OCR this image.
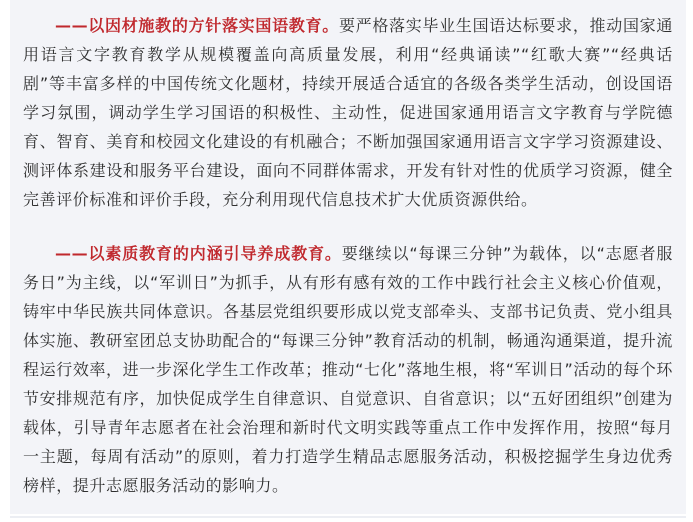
——以因材施教的方针落实国语教育。要严格落实毕业生国语达标要求，推动国家通用语言文字教育教学从规模覆盖向高质量发展，利用“经典诵读”“红歌大赛”“经典话剧”等丰富多样的中国传统文化题材，持续开展适合适宜的各级各类学生活动，创设国语学习氛围，调动学生学习国语的积极性、主动性，促进国家通用语言文字教育与学院德育、智育、美育和校园文化建设的有机融合；不断加强国家通用语言文字学习资源建设、测评体系建设和服务平台建设，面向不同群体需求，开发有针对性的优质学习资源，健全完善评价标准和评价手段，充分利用现代信息技术扩大优质资源供给。

——以素质教育的内涵引导养成教育。要继续以“每课三分钟”为载体，以“志愿者服务日”为主线，以“军训日”为抓手，从有形有感有效的工作中践行社会主义核心价值观，铸牢中华民族共同体意识。各基层党组织要形成以党支部牵头、支部书记负责、党小组具体实施、教研室团总支协助配合的“每课三分钟”教育活动的机制，畅通沟通渠道，提升流程运行效率，进一步深化学生工作改革；推动“七化”落地生根，将“军训日”活动的每个环节安排规范有序，加快促成学生自律意识、自觉意识、自省意识；以“五好团组织”创建为载体，引导青年志愿者在社会治理和新时代文明实践等重点工作中发挥作用，按照“每月一主题，每周有活动”的原则，着力打造学生精品志愿服务活动，积极挖掘学生身边优秀榜样，提升志愿服务活动的影响力。
